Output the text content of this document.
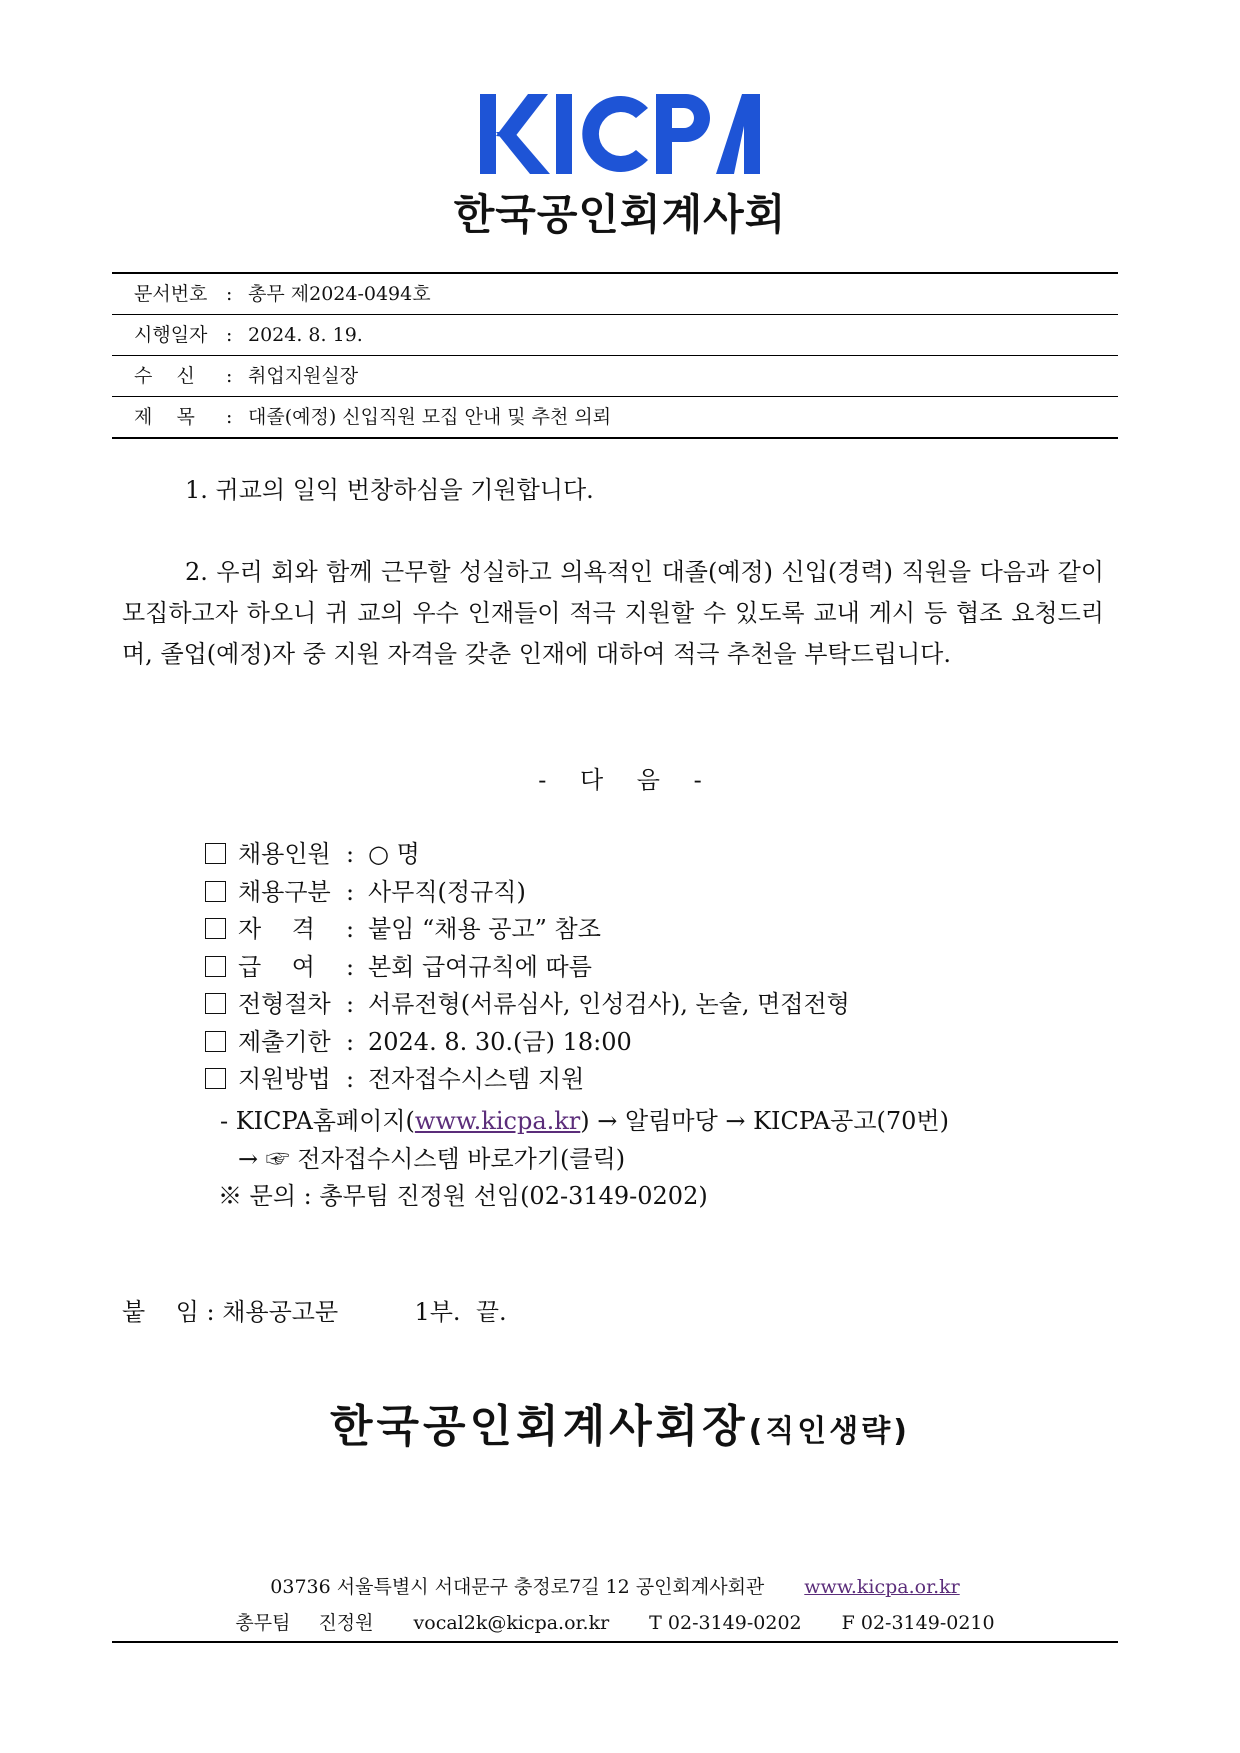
한국공인회계사회
문서번호 : 총무 제2024-0494호
시행일자 : 2024. 8. 19.
수    신 : 취업지원실장
제    목 : 대졸(예정) 신입직원 모집 안내 및 추천 의뢰
1. 귀교의 일익 번창하심을 기원합니다.
2. 우리 회와 함께 근무할 성실하고 의욕적인 대졸(예정) 신입(경력) 직원을 다음과 같이 모집하고자 하오니 귀 교의 우수 인재들이 적극 지원할 수 있도록 교내 게시 등 협조 요청드리며, 졸업(예정)자 중 지원 자격을 갖춘 인재에 대하여 적극 추천을 부탁드립니다.
- 다 음 -
채용인원 : ○ 명
채용구분 : 사무직(정규직)
자    격 : 붙임 “채용 공고” 참조
급    여 : 본회 급여규칙에 따름
전형절차 : 서류전형(서류심사, 인성검사), 논술, 면접전형
제출기한 : 2024. 8. 30.(금) 18:00
지원방법 : 전자접수시스템 지원
- KICPA홈페이지(www.kicpa.kr) → 알림마당 → KICPA공고(70번)
→ ☞ 전자접수시스템 바로가기(클릭)
※ 문의 : 총무팀 진정원 선임(02-3149-0202)
붙    임 : 채용공고문	1부.  끝.
한국공인회계사회장(직인생략)
03736 서울특별시 서대문구 충정로7길 12 공인회계사회관 www.kicpa.or.kr
총무팀 진정원 vocal2k@kicpa.or.kr T 02-3149-0202 F 02-3149-0210
